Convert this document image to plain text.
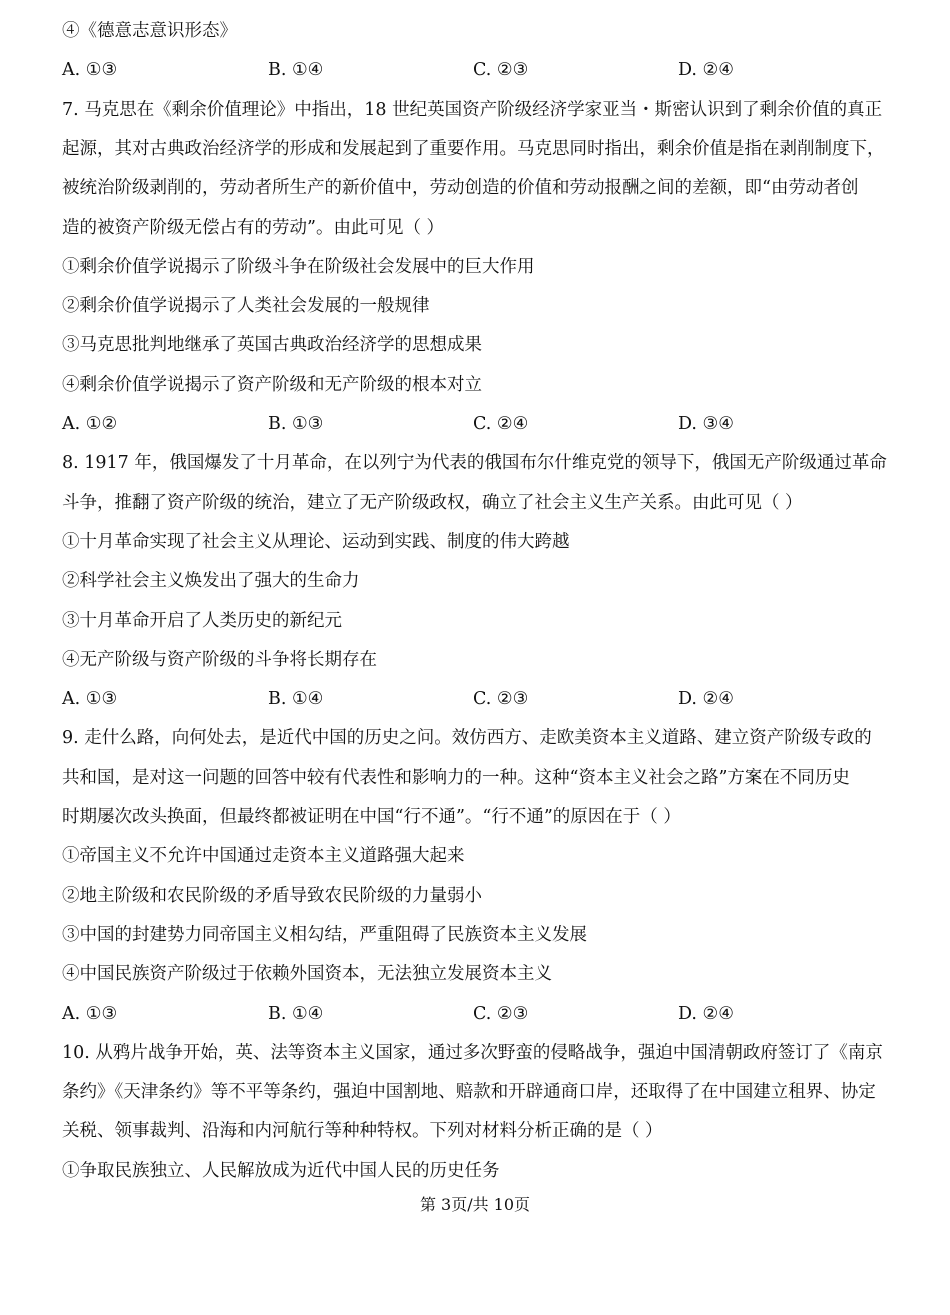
④《德意志意识形态》
A. ①③	B. ①④	C. ②③	D. ②④
7. 马克思在《剩余价值理论》中指出，18 世纪英国资产阶级经济学家亚当・斯密认识到了剩余价值的真正
起源，其对古典政治经济学的形成和发展起到了重要作用。马克思同时指出，剩余价值是指在剥削制度下，
被统治阶级剥削的，劳动者所生产的新价值中，劳动创造的价值和劳动报酬之间的差额，即“由劳动者创
造的被资产阶级无偿占有的劳动”。由此可见（ ）
①剩余价值学说揭示了阶级斗争在阶级社会发展中的巨大作用
②剩余价值学说揭示了人类社会发展的一般规律
③马克思批判地继承了英国古典政治经济学的思想成果
④剩余价值学说揭示了资产阶级和无产阶级的根本对立
A. ①②	B. ①③	C. ②④	D. ③④
8. 1917 年，俄国爆发了十月革命，在以列宁为代表的俄国布尔什维克党的领导下，俄国无产阶级通过革命
斗争，推翻了资产阶级的统治，建立了无产阶级政权，确立了社会主义生产关系。由此可见（ ）
①十月革命实现了社会主义从理论、运动到实践、制度的伟大跨越
②科学社会主义焕发出了强大的生命力
③十月革命开启了人类历史的新纪元
④无产阶级与资产阶级的斗争将长期存在
A. ①③	B. ①④	C. ②③	D. ②④
9. 走什么路，向何处去，是近代中国的历史之问。效仿西方、走欧美资本主义道路、建立资产阶级专政的
共和国，是对这一问题的回答中较有代表性和影响力的一种。这种“资本主义社会之路”方案在不同历史
时期屡次改头换面，但最终都被证明在中国“行不通”。“行不通”的原因在于（ ）
①帝国主义不允许中国通过走资本主义道路强大起来
②地主阶级和农民阶级的矛盾导致农民阶级的力量弱小
③中国的封建势力同帝国主义相勾结，严重阻碍了民族资本主义发展
④中国民族资产阶级过于依赖外国资本，无法独立发展资本主义
A. ①③	B. ①④	C. ②③	D. ②④
10. 从鸦片战争开始，英、法等资本主义国家，通过多次野蛮的侵略战争，强迫中国清朝政府签订了《南京
条约》《天津条约》等不平等条约，强迫中国割地、赔款和开辟通商口岸，还取得了在中国建立租界、协定
关税、领事裁判、沿海和内河航行等种种特权。下列对材料分析正确的是（ ）
①争取民族独立、人民解放成为近代中国人民的历史任务
第 3页/共 10页
